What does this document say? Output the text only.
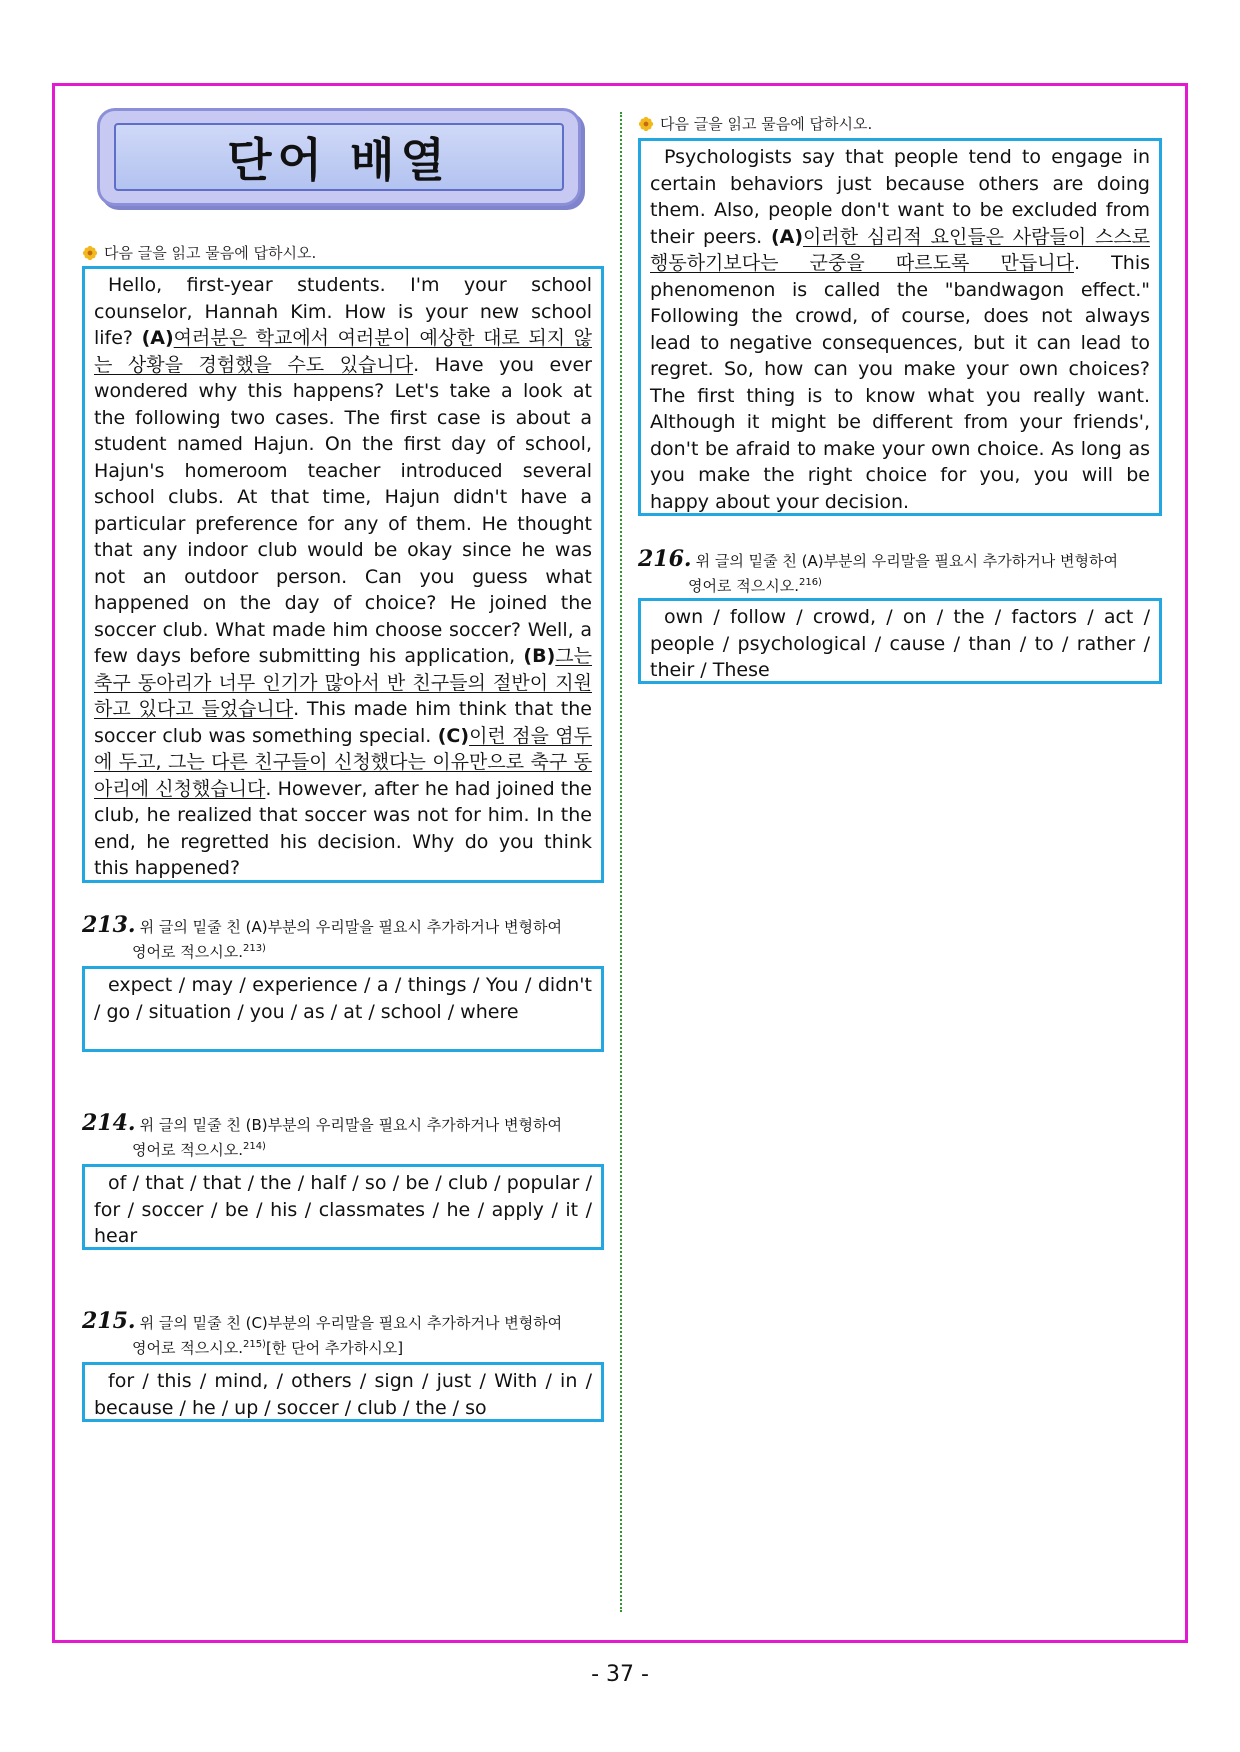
단어 배열
다음 글을 읽고 물음에 답하시오.

Hello, first-year students. I'm your school counselor, Hannah Kim. How is your new school life? (A)여러분은 학교에서 여러분이 예상한 대로 되지 않는 상황을 경험했을 수도 있습니다. Have you ever wondered why this happens? Let's take a look at the following two cases. The first case is about a student named Hajun. On the first day of school, Hajun's homeroom teacher introduced several school clubs. At that time, Hajun didn't have a particular preference for any of them. He thought that any indoor club would be okay since he was not an outdoor person. Can you guess what happened on the day of choice? He joined the soccer club. What made him choose soccer? Well, a few days before submitting his application, (B)그는 축구 동아리가 너무 인기가 많아서 반 친구들의 절반이 지원하고 있다고 들었습니다. This made him think that the soccer club was something special. (C)이런 점을 염두에 두고, 그는 다른 친구들이 신청했다는 이유만으로 축구 동아리에 신청했습니다. However, after he had joined the club, he realized that soccer was not for him. In the end, he regretted his decision. Why do you think this happened?

213. 위 글의 밑줄 친 (A)부분의 우리말을 필요시 추가하거나 변형하여
영어로 적으시오.$^{213)}$

expect / may / experience / a / things / You / didn't / go / situation / you / as / at / school / where

214. 위 글의 밑줄 친 (B)부분의 우리말을 필요시 추가하거나 변형하여
영어로 적으시오.$^{214)}$

of / that / that / the / half / so / be / club / popular / for / soccer / be / his / classmates / he / apply / it / hear

215. 위 글의 밑줄 친 (C)부분의 우리말을 필요시 추가하거나 변형하여
영어로 적으시오.$^{215)}$[한 단어 추가하시오]

for / this / mind, / others / sign / just / With / in / because / he / up / soccer / club / the / so

다음 글을 읽고 물음에 답하시오.

Psychologists say that people tend to engage in certain behaviors just because others are doing them. Also, people don't want to be excluded from their peers. (A)이러한 심리적 요인들은 사람들이 스스로 행동하기보다는 군중을 따르도록 만듭니다. This phenomenon is called the "bandwagon effect." Following the crowd, of course, does not always lead to negative consequences, but it can lead to regret. So, how can you make your own choices? The first thing is to know what you really want. Although it might be different from your friends', don't be afraid to make your own choice. As long as you make the right choice for you, you will be happy about your decision.

216. 위 글의 밑줄 친 (A)부분의 우리말을 필요시 추가하거나 변형하여
영어로 적으시오.$^{216)}$

own / follow / crowd, / on / the / factors / act / people / psychological / cause / than / to / rather / their / These

- 37 -
